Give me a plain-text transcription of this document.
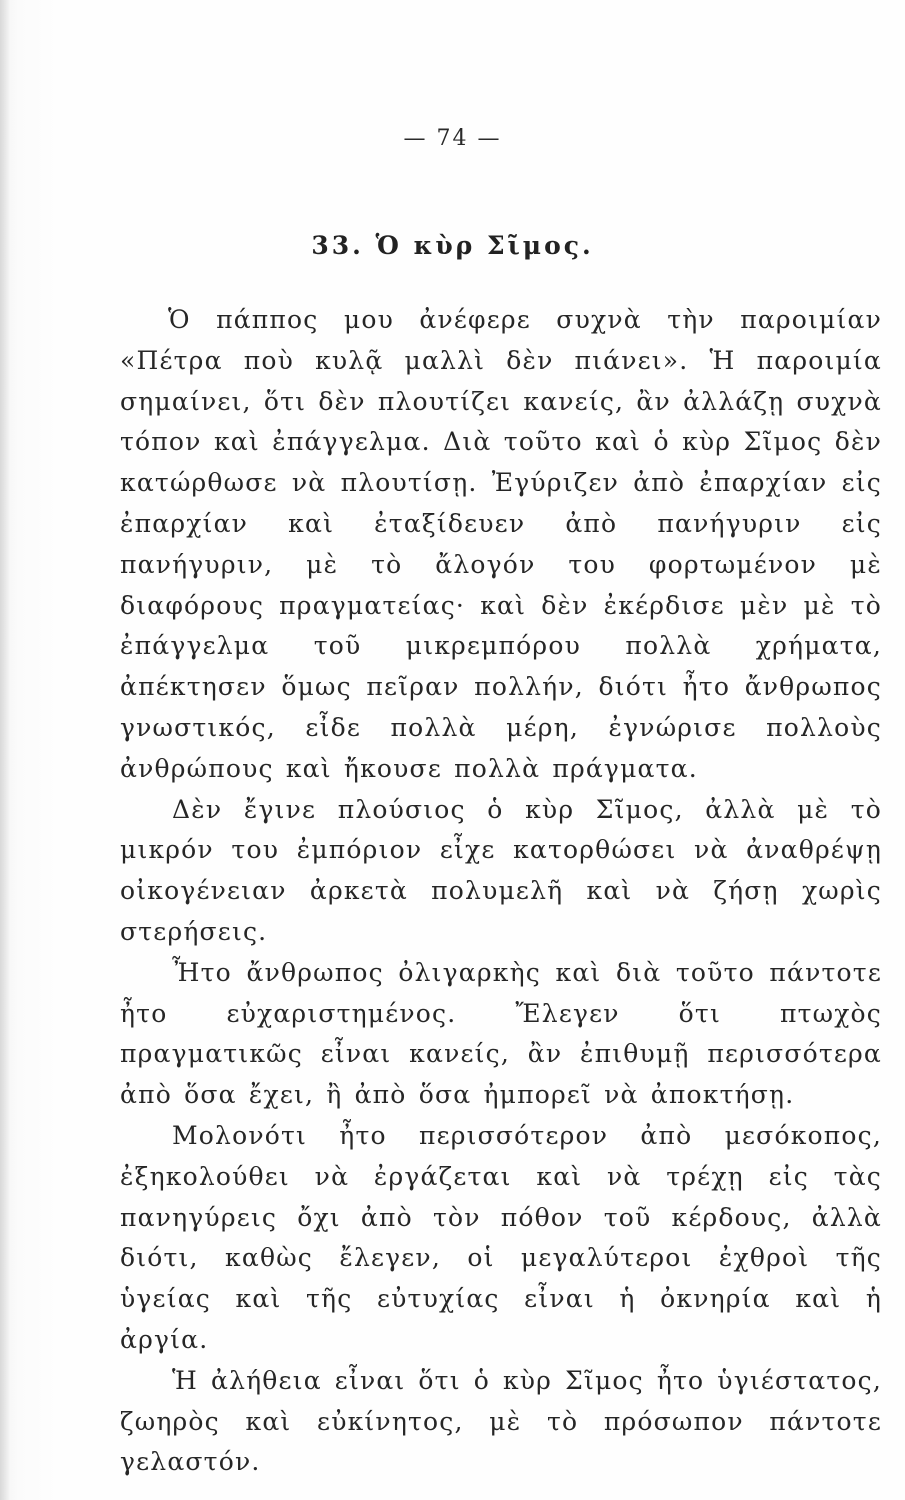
— 74 —
33. Ὁ κὺρ Σῖμος.

Ὁ πάππος μου ἀνέφερε συχνὰ τὴν παροιμίαν «Πέτρα ποὺ κυλᾷ μαλλὶ δὲν πιάνει». Ἡ παροιμία σημαίνει, ὅτι δὲν πλουτίζει κανείς, ἂν ἀλλάζῃ συχνὰ τόπον καὶ ἐπάγγελμα. Διὰ τοῦτο καὶ ὁ κὺρ Σῖμος δὲν κατώρθωσε νὰ πλουτίσῃ. Ἐγύριζεν ἀπὸ ἐπαρχίαν εἰς ἐπαρχίαν καὶ ἐταξίδευεν ἀπὸ πανήγυριν εἰς πανήγυριν, μὲ τὸ ἄλογόν του φορτωμένον μὲ διαφόρους πραγματείας· καὶ δὲν ἐκέρδισε μὲν μὲ τὸ ἐπάγγελμα τοῦ μικρεμπόρου πολλὰ χρήματα, ἀπέκτησεν ὅμως πεῖραν πολλήν, διότι ἦτο ἄνθρωπος γνωστικός, εἶδε πολλὰ μέρη, ἐγνώρισε πολλοὺς ἀνθρώπους καὶ ἤκουσε πολλὰ πράγματα.

Δὲν ἔγινε πλούσιος ὁ κὺρ Σῖμος, ἀλλὰ μὲ τὸ μικρόν του ἐμπόριον εἶχε κατορθώσει νὰ ἀναθρέψῃ οἰκογένειαν ἀρκετὰ πολυμελῆ καὶ νὰ ζήσῃ χωρὶς στερήσεις.

Ἦτο ἄνθρωπος ὀλιγαρκὴς καὶ διὰ τοῦτο πάντοτε ἦτο εὐχαριστημένος. Ἔλεγεν ὅτι πτωχὸς πραγματικῶς εἶναι κανείς, ἂν ἐπιθυμῇ περισσότερα ἀπὸ ὅσα ἔχει, ἢ ἀπὸ ὅσα ἠμπορεῖ νὰ ἀποκτήσῃ.

Μολονότι ἦτο περισσότερον ἀπὸ μεσόκοπος, ἐξηκολούθει νὰ ἐργάζεται καὶ νὰ τρέχῃ εἰς τὰς πανηγύρεις ὄχι ἀπὸ τὸν πόθον τοῦ κέρδους, ἀλλὰ διότι, καθὼς ἔλεγεν, οἱ μεγαλύτεροι ἐχθροὶ τῆς ὑγείας καὶ τῆς εὐτυχίας εἶναι ἡ ὀκνηρία καὶ ἡ ἀργία.

Ἡ ἀλήθεια εἶναι ὅτι ὁ κὺρ Σῖμος ἦτο ὑγιέστατος, ζωηρὸς καὶ εὐκίνητος, μὲ τὸ πρόσωπον πάντοτε γελαστόν.
